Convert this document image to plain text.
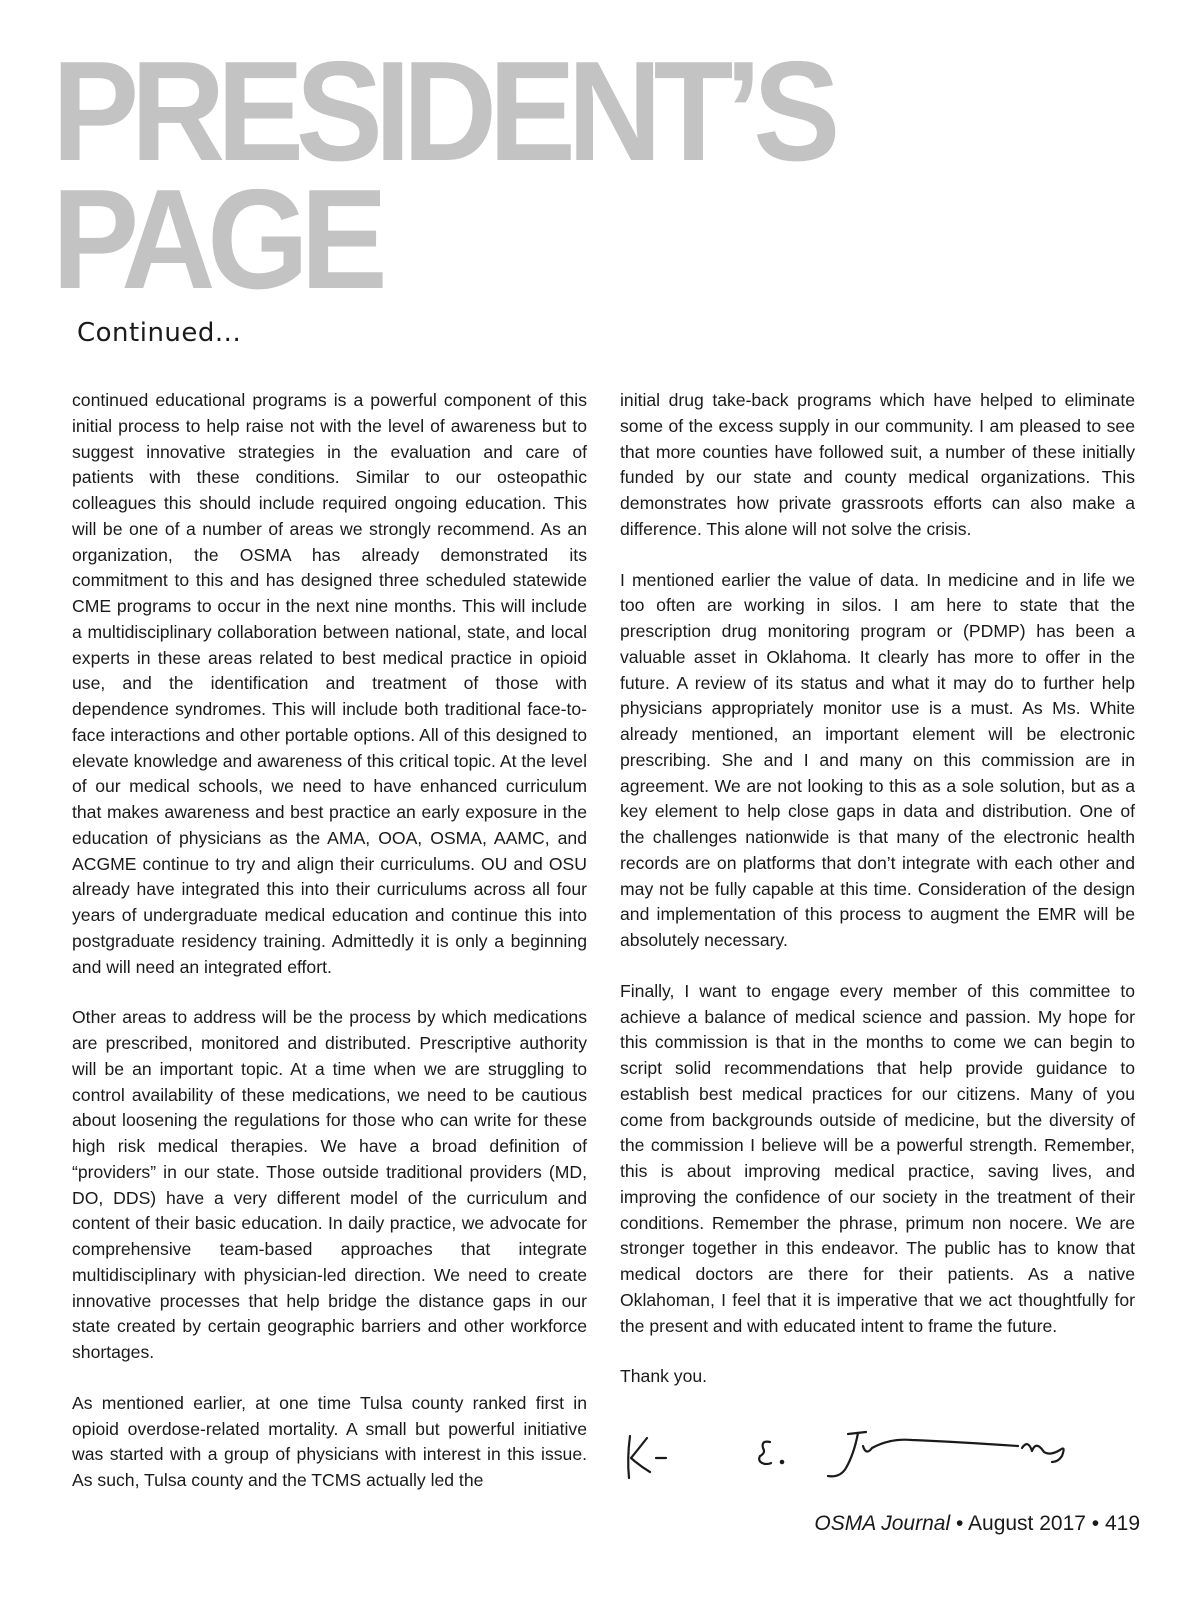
PRESIDENT’S
PAGE
Continued...

continued educational programs is a powerful component of this initial process to help raise not with the level of awareness but to suggest innovative strategies in the evaluation and care of patients with these conditions. Similar to our osteopathic colleagues this should include required ongoing education. This will be one of a number of areas we strongly recommend. As an organization, the OSMA has already demonstrated its commitment to this and has designed three scheduled statewide CME programs to occur in the next nine months. This will include a multidisciplinary collaboration between national, state, and local experts in these areas related to best medical practice in opioid use, and the identification and treatment of those with dependence syndromes. This will include both traditional face-to-face interactions and other portable options. All of this designed to elevate knowledge and awareness of this critical topic. At the level of our medical schools, we need to have enhanced curriculum that makes awareness and best practice an early exposure in the education of physicians as the AMA, OOA, OSMA, AAMC, and ACGME continue to try and align their curriculums. OU and OSU already have integrated this into their curriculums across all four years of undergraduate medical education and continue this into postgraduate residency training. Admittedly it is only a beginning and will need an integrated effort.

Other areas to address will be the process by which medications are prescribed, monitored and distributed. Prescriptive authority will be an important topic. At a time when we are struggling to control availability of these medications, we need to be cautious about loosening the regulations for those who can write for these high risk medical therapies. We have a broad definition of “providers” in our state. Those outside traditional providers (MD, DO, DDS) have a very different model of the curriculum and content of their basic education. In daily practice, we advocate for comprehensive team-based approaches that integrate multidisciplinary with physician-led direction. We need to create innovative processes that help bridge the distance gaps in our state created by certain geographic barriers and other workforce shortages.

As mentioned earlier, at one time Tulsa county ranked first in opioid overdose-related mortality. A small but powerful initiative was started with a group of physicians with interest in this issue. As such, Tulsa county and the TCMS actually led the

initial drug take-back programs which have helped to eliminate some of the excess supply in our community. I am pleased to see that more counties have followed suit, a number of these initially funded by our state and county medical organizations. This demonstrates how private grassroots efforts can also make a difference. This alone will not solve the crisis.

I mentioned earlier the value of data. In medicine and in life we too often are working in silos. I am here to state that the prescription drug monitoring program or (PDMP) has been a valuable asset in Oklahoma. It clearly has more to offer in the future. A review of its status and what it may do to further help physicians appropriately monitor use is a must. As Ms. White already mentioned, an important element will be electronic prescribing. She and I and many on this commission are in agreement. We are not looking to this as a sole solution, but as a key element to help close gaps in data and distribution. One of the challenges nationwide is that many of the electronic health records are on platforms that don’t integrate with each other and may not be fully capable at this time. Consideration of the design and implementation of this process to augment the EMR will be absolutely necessary.

Finally, I want to engage every member of this committee to achieve a balance of medical science and passion. My hope for this commission is that in the months to come we can begin to script solid recommendations that help provide guidance to establish best medical practices for our citizens. Many of you come from backgrounds outside of medicine, but the diversity of the commission I believe will be a powerful strength. Remember, this is about improving medical practice, saving lives, and improving the confidence of our society in the treatment of their conditions. Remember the phrase, primum non nocere. We are stronger together in this endeavor. The public has to know that medical doctors are there for their patients. As a native Oklahoman, I feel that it is imperative that we act thoughtfully for the present and with educated intent to frame the future.

Thank you.

OSMA Journal • August 2017 • 419
